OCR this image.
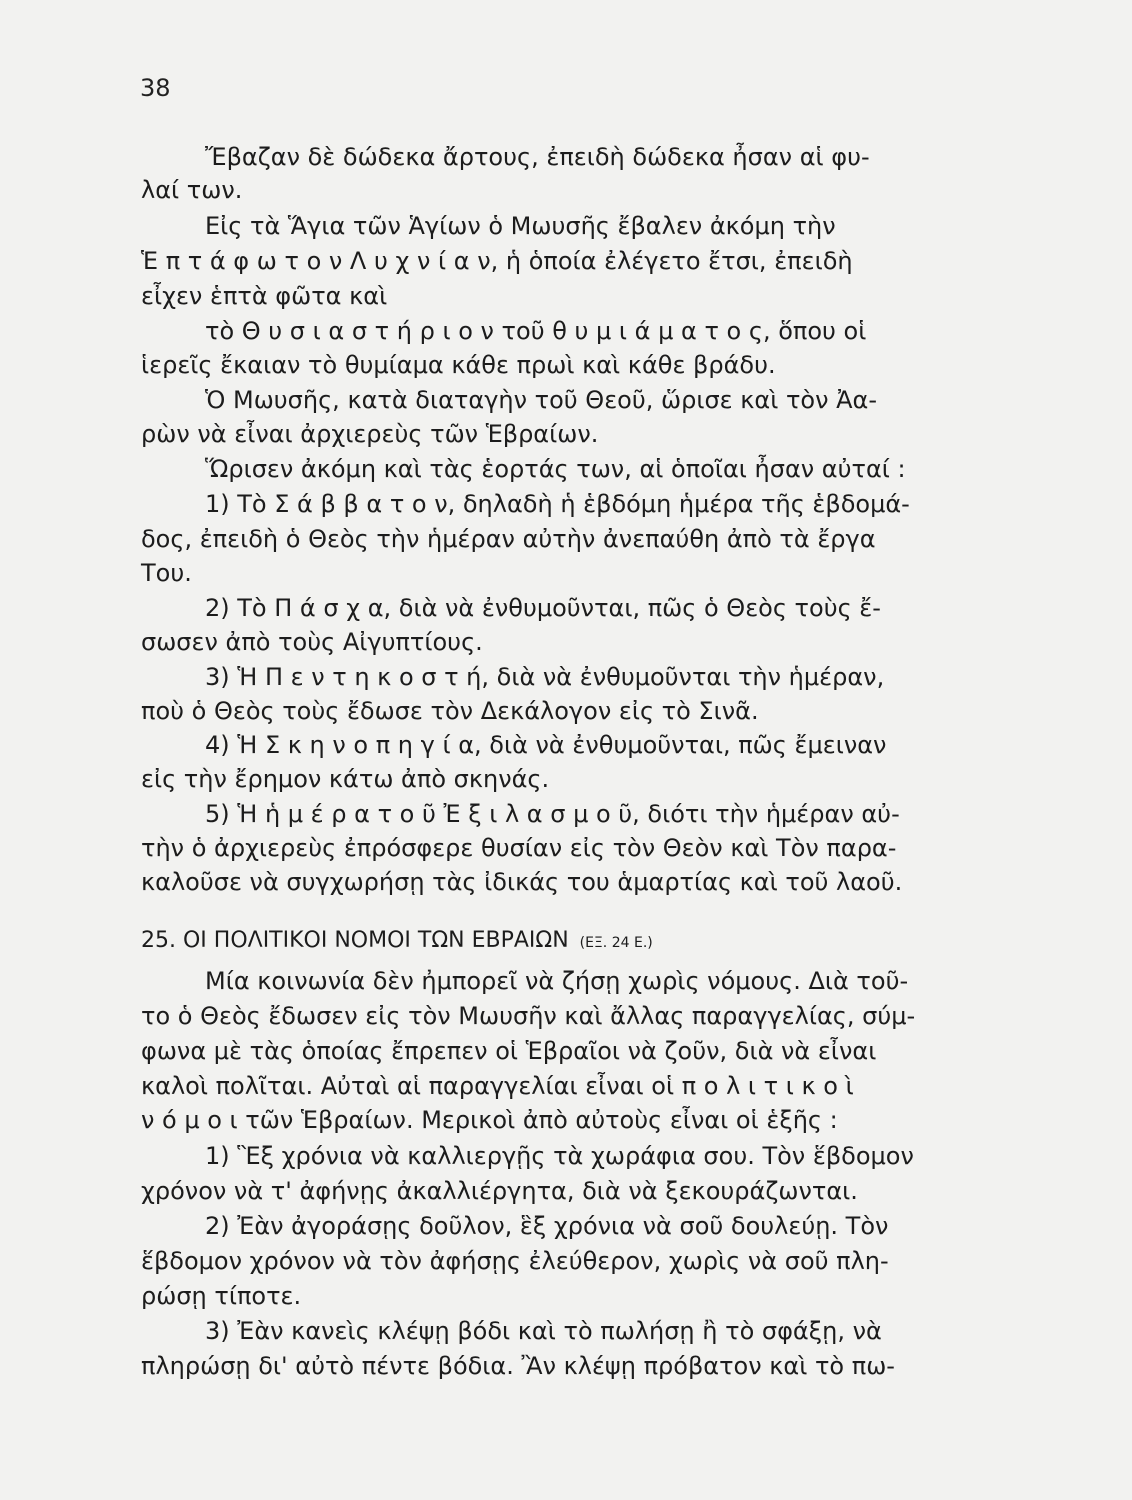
38
Ἔβαζαν δὲ δώδεκα ἄρτους, ἐπειδὴ δώδεκα ἦσαν αἱ φυ-
λαί των.
Εἰς τὰ Ἅγια τῶν Ἁγίων ὁ Μωυσῆς ἔβαλεν ἀκόμη τὴν
Ἑ π τ ά φ ω τ ο ν Λ υ χ ν ί α ν, ἡ ὁποία ἐλέγετο ἔτσι, ἐπειδὴ
εἶχεν ἑπτὰ φῶτα καὶ
τὸ Θ υ σ ι α σ τ ή ρ ι ο ν τοῦ θ υ μ ι ά μ α τ ο ς, ὅπου οἱ
ἱερεῖς ἔκαιαν τὸ θυμίαμα κάθε πρωὶ καὶ κάθε βράδυ.
Ὁ Μωυσῆς, κατὰ διαταγὴν τοῦ Θεοῦ, ὥρισε καὶ τὸν Ἀα-
ρὼν νὰ εἶναι ἀρχιερεὺς τῶν Ἑβραίων.
Ὥρισεν ἀκόμη καὶ τὰς ἑορτάς των, αἱ ὁποῖαι ἦσαν αὐταί :
1) Τὸ Σ ά β β α τ ο ν, δηλαδὴ ἡ ἑβδόμη ἡμέρα τῆς ἑβδομά-
δος, ἐπειδὴ ὁ Θεὸς τὴν ἡμέραν αὐτὴν ἀνεπαύθη ἀπὸ τὰ ἔργα
Του.
2) Τὸ Π ά σ χ α, διὰ νὰ ἐνθυμοῦνται, πῶς ὁ Θεὸς τοὺς ἔ-
σωσεν ἀπὸ τοὺς Αἰγυπτίους.
3) Ἡ Π ε ν τ η κ ο σ τ ή, διὰ νὰ ἐνθυμοῦνται τὴν ἡμέραν,
ποὺ ὁ Θεὸς τοὺς ἔδωσε τὸν Δεκάλογον εἰς τὸ Σινᾶ.
4) Ἡ Σ κ η ν ο π η γ ί α, διὰ νὰ ἐνθυμοῦνται, πῶς ἔμειναν
εἰς τὴν ἔρημον κάτω ἀπὸ σκηνάς.
5) Ἡ ἡ μ έ ρ α τ ο ῦ Ἐ ξ ι λ α σ μ ο ῦ, διότι τὴν ἡμέραν αὐ-
τὴν ὁ ἀρχιερεὺς ἐπρόσφερε θυσίαν εἰς τὸν Θεὸν καὶ Τὸν παρα-
καλοῦσε νὰ συγχωρήσῃ τὰς ἰδικάς του ἁμαρτίας καὶ τοῦ λαοῦ.
25. ΟΙ ΠΟΛΙΤΙΚΟΙ ΝΟΜΟΙ ΤΩΝ ΕΒΡΑΙΩΝ (ΕΞ. 24 Ε.)
Μία κοινωνία δὲν ἠμπορεῖ νὰ ζήσῃ χωρὶς νόμους. Διὰ τοῦ-
το ὁ Θεὸς ἔδωσεν εἰς τὸν Μωυσῆν καὶ ἄλλας παραγγελίας, σύμ-
φωνα μὲ τὰς ὁποίας ἔπρεπεν οἱ Ἑβραῖοι νὰ ζοῦν, διὰ νὰ εἶναι
καλοὶ πολῖται. Αὐταὶ αἱ παραγγελίαι εἶναι οἱ π ο λ ι τ ι κ ο ὶ
ν ό μ ο ι τῶν Ἑβραίων. Μερικοὶ ἀπὸ αὐτοὺς εἶναι οἱ ἑξῆς :
1) Ἓξ χρόνια νὰ καλλιεργῇς τὰ χωράφια σου. Τὸν ἕβδομον
χρόνον νὰ τ' ἀφήνῃς ἀκαλλιέργητα, διὰ νὰ ξεκουράζωνται.
2) Ἐὰν ἀγοράσῃς δοῦλον, ἓξ χρόνια νὰ σοῦ δουλεύῃ. Τὸν
ἕβδομον χρόνον νὰ τὸν ἀφήσῃς ἐλεύθερον, χωρὶς νὰ σοῦ πλη-
ρώσῃ τίποτε.
3) Ἐὰν κανεὶς κλέψῃ βόδι καὶ τὸ πωλήσῃ ἢ τὸ σφάξῃ, νὰ
πληρώσῃ δι' αὐτὸ πέντε βόδια. Ἂν κλέψῃ πρόβατον καὶ τὸ πω-
